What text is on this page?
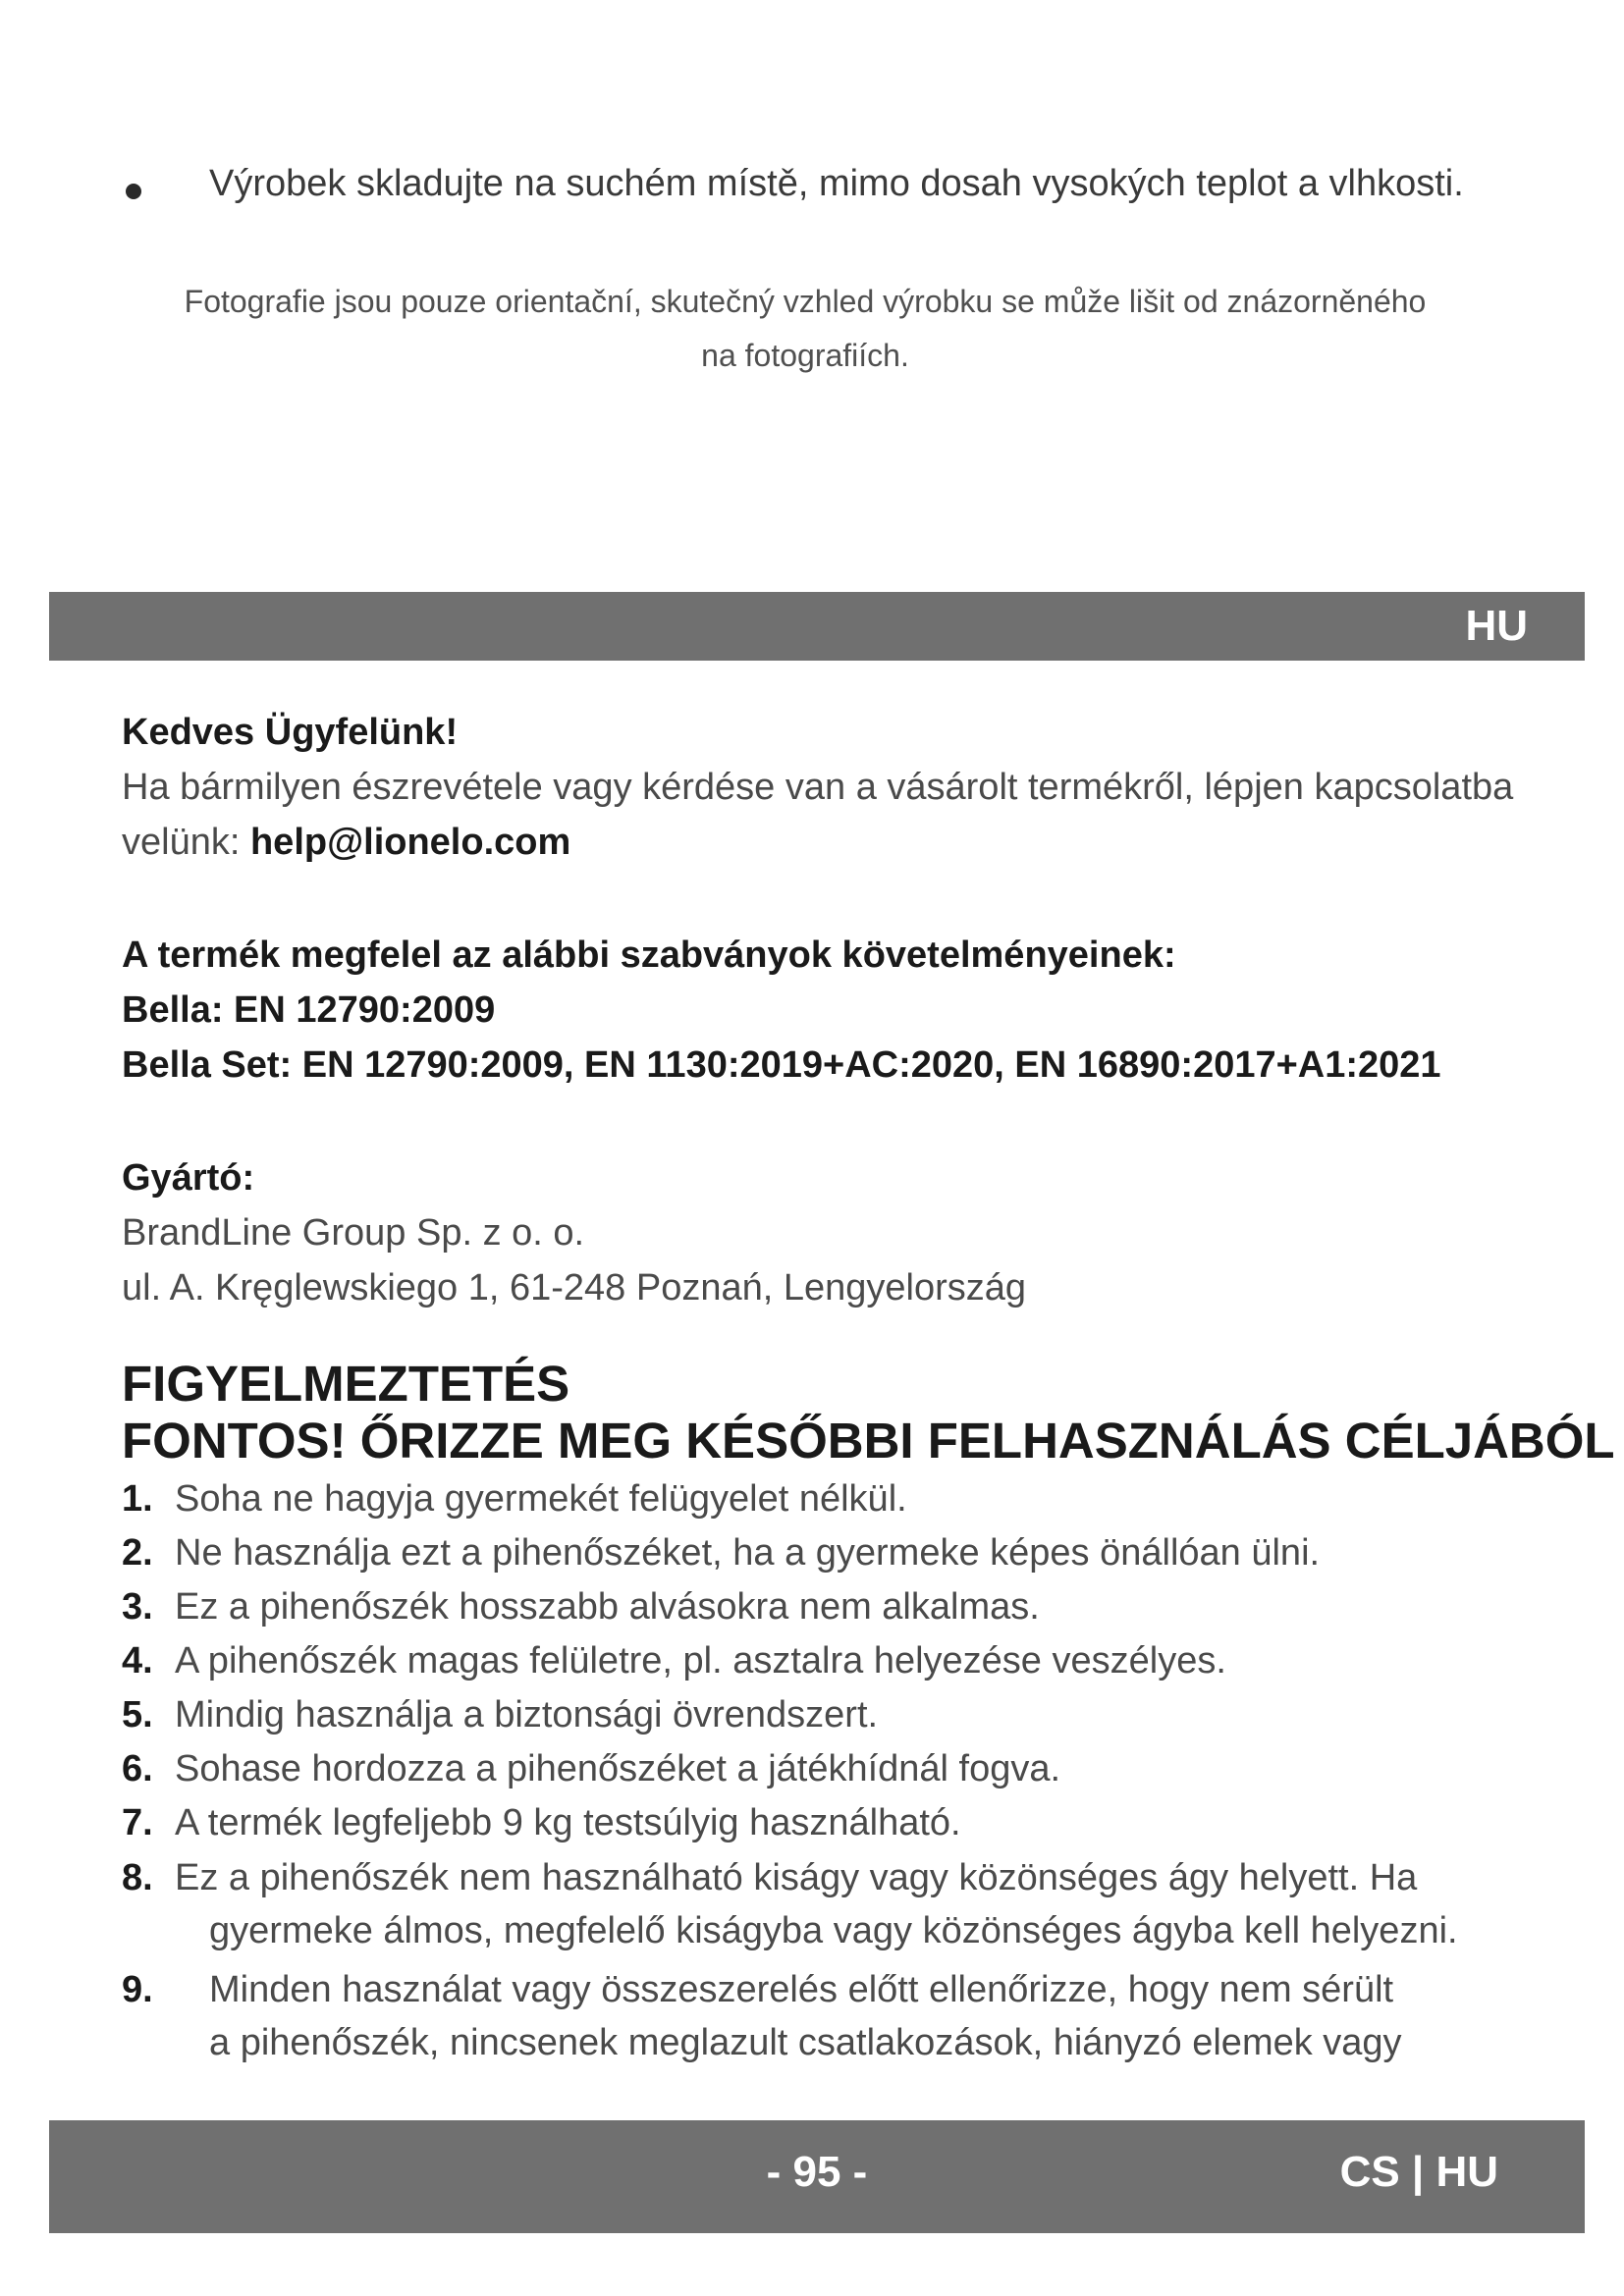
Výrobek skladujte na suchém místě, mimo dosah vysokých teplot a vlhkosti.
Fotografie jsou pouze orientační, skutečný vzhled výrobku se může lišit od znázorněného
na fotografiích.
HU
Kedves Ügyfelünk!
Ha bármilyen észrevétele vagy kérdése van a vásárolt termékről, lépjen kapcsolatba
velünk: help@lionelo.com
A termék megfelel az alábbi szabványok követelményeinek:
Bella: EN 12790:2009
Bella Set: EN 12790:2009, EN 1130:2019+AC:2020, EN 16890:2017+A1:2021
Gyártó:
BrandLine Group Sp. z o. o.
ul. A. Kręglewskiego 1, 61-248 Poznań, Lengyelország
FIGYELMEZTETÉS
FONTOS! ŐRIZZE MEG KÉSŐBBI FELHASZNÁLÁS CÉLJÁBÓL
1. Soha ne hagyja gyermekét felügyelet nélkül.
2. Ne használja ezt a pihenőszéket, ha a gyermeke képes önállóan ülni.
3. Ez a pihenőszék hosszabb alvásokra nem alkalmas.
4. A pihenőszék magas felületre, pl. asztalra helyezése veszélyes.
5. Mindig használja a biztonsági övrendszert.
6. Sohase hordozza a pihenőszéket a játékhídnál fogva.
7. A termék legfeljebb 9 kg testsúlyig használható.
8. Ez a pihenőszék nem használható kiságy vagy közönséges ágy helyett. Ha
gyermeke álmos, megfelelő kiságyba vagy közönséges ágyba kell helyezni.
9. Minden használat vagy összeszerelés előtt ellenőrizze, hogy nem sérült
a pihenőszék, nincsenek meglazult csatlakozások, hiányzó elemek vagy
- 95 -	CS | HU
